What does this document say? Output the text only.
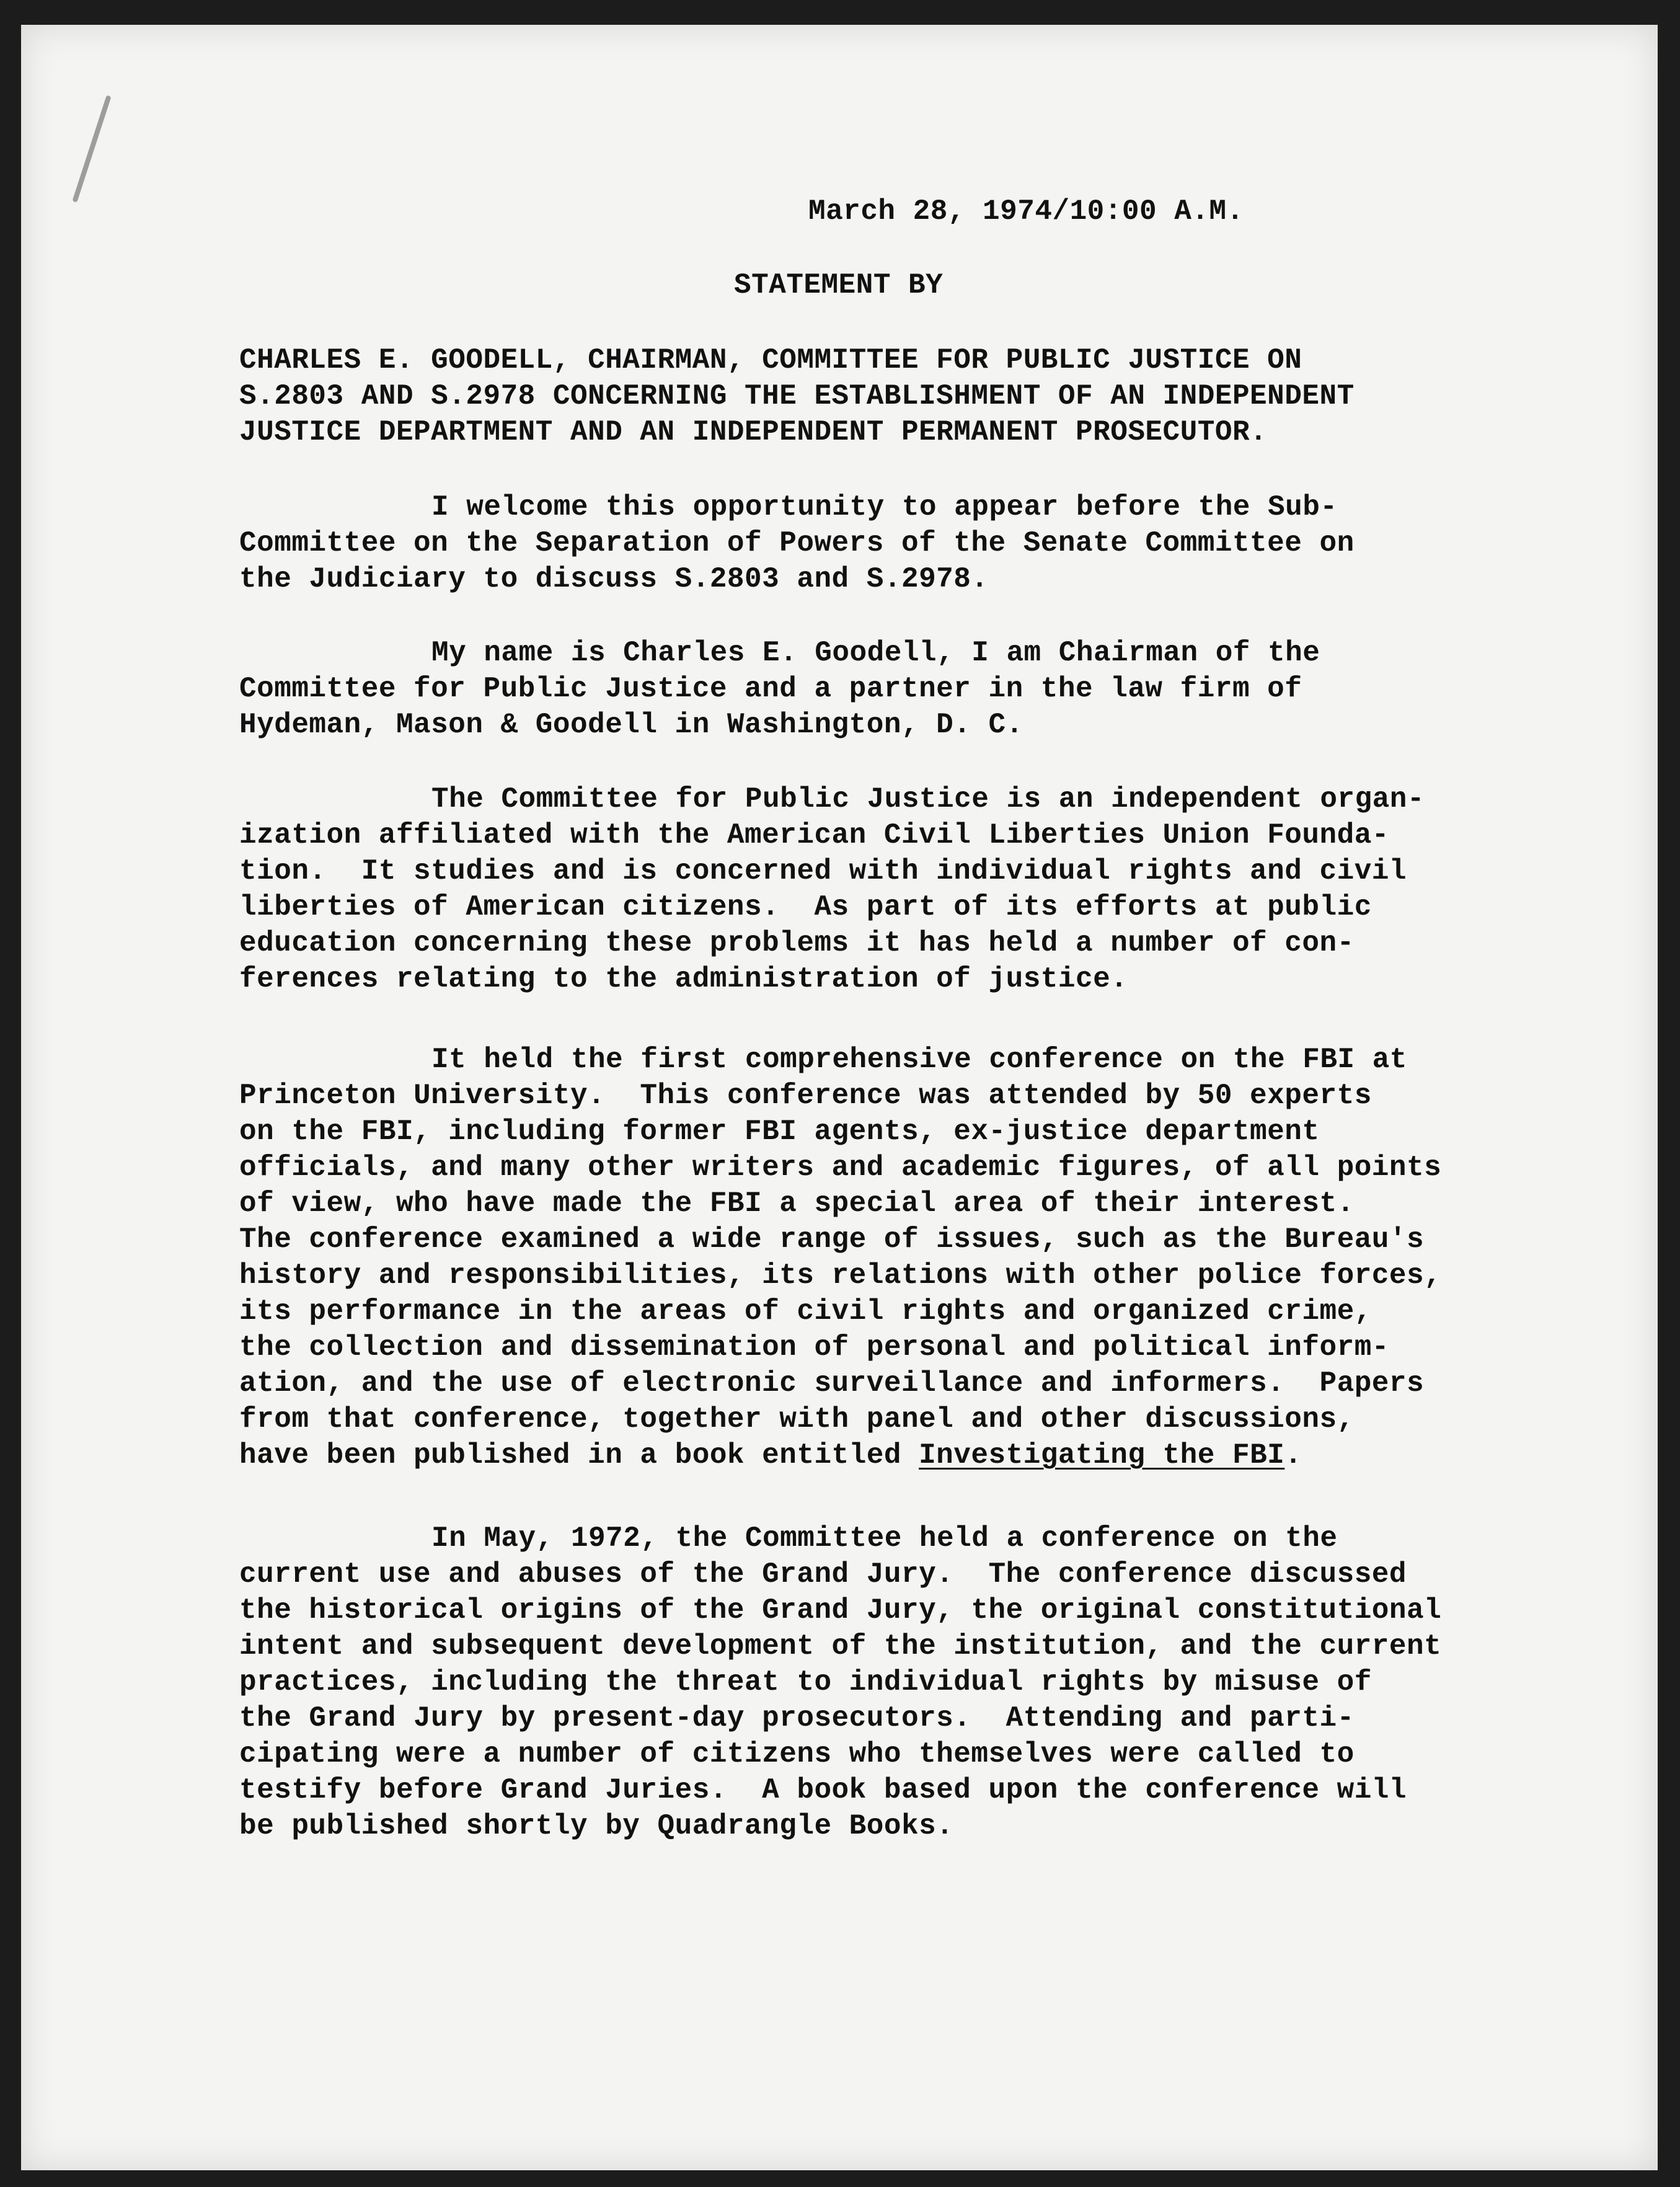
March 28, 1974/10:00 A.M.

STATEMENT BY

CHARLES E. GOODELL, CHAIRMAN, COMMITTEE FOR PUBLIC JUSTICE ON

S.2803 AND S.2978 CONCERNING THE ESTABLISHMENT OF AN INDEPENDENT

JUSTICE DEPARTMENT AND AN INDEPENDENT PERMANENT PROSECUTOR.

I welcome this opportunity to appear before the Sub-

Committee on the Separation of Powers of the Senate Committee on

the Judiciary to discuss S.2803 and S.2978.

My name is Charles E. Goodell, I am Chairman of the

Committee for Public Justice and a partner in the law firm of

Hydeman, Mason & Goodell in Washington, D. C.

The Committee for Public Justice is an independent organ-

ization affiliated with the American Civil Liberties Union Founda-

tion.  It studies and is concerned with individual rights and civil

liberties of American citizens.  As part of its efforts at public

education concerning these problems it has held a number of con-

ferences relating to the administration of justice.

It held the first comprehensive conference on the FBI at

Princeton University.  This conference was attended by 50 experts

on the FBI, including former FBI agents, ex-justice department

officials, and many other writers and academic figures, of all points

of view, who have made the FBI a special area of their interest.

The conference examined a wide range of issues, such as the Bureau's

history and responsibilities, its relations with other police forces,

its performance in the areas of civil rights and organized crime,

the collection and dissemination of personal and political inform-

ation, and the use of electronic surveillance and informers.  Papers

from that conference, together with panel and other discussions,

have been published in a book entitled Investigating the FBI.

In May, 1972, the Committee held a conference on the

current use and abuses of the Grand Jury.  The conference discussed

the historical origins of the Grand Jury, the original constitutional

intent and subsequent development of the institution, and the current

practices, including the threat to individual rights by misuse of

the Grand Jury by present-day prosecutors.  Attending and parti-

cipating were a number of citizens who themselves were called to

testify before Grand Juries.  A book based upon the conference will

be published shortly by Quadrangle Books.
